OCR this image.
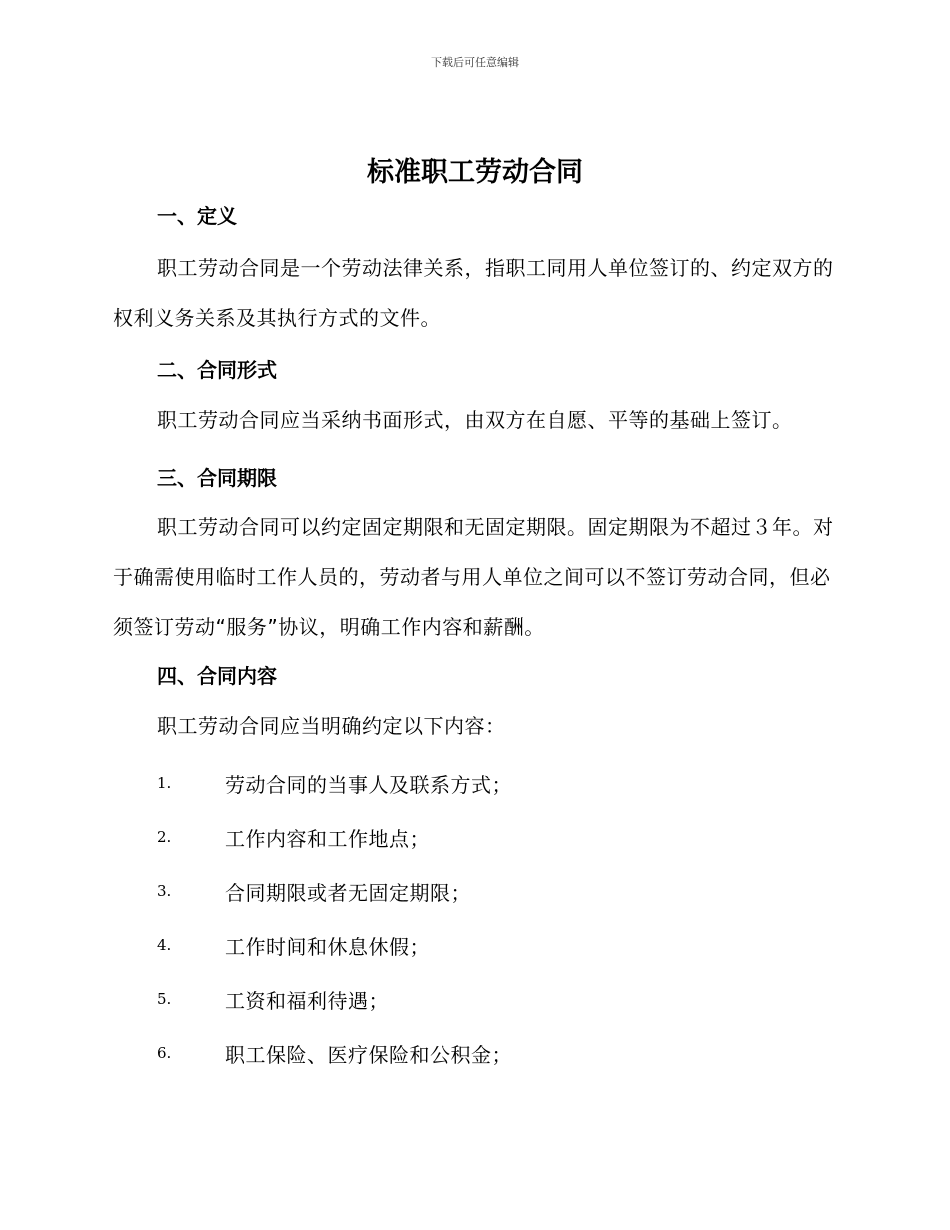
下载后可任意编辑
标准职工劳动合同
一、定义
职工劳动合同是一个劳动法律关系，指职工同用人单位签订的、约定双方的权利义务关系及其执行方式的文件。
二、合同形式
职工劳动合同应当采纳书面形式，由双方在自愿、平等的基础上签订。
三、合同期限
职工劳动合同可以约定固定期限和无固定期限。固定期限为不超过３年。对于确需使用临时工作人员的，劳动者与用人单位之间可以不签订劳动合同，但必须签订劳动“服务”协议，明确工作内容和薪酬。
四、合同内容
职工劳动合同应当明确约定以下内容：
1.	劳动合同的当事人及联系方式；
2.	工作内容和工作地点；
3.	合同期限或者无固定期限；
4.	工作时间和休息休假；
5.	工资和福利待遇；
6.	职工保险、医疗保险和公积金；
